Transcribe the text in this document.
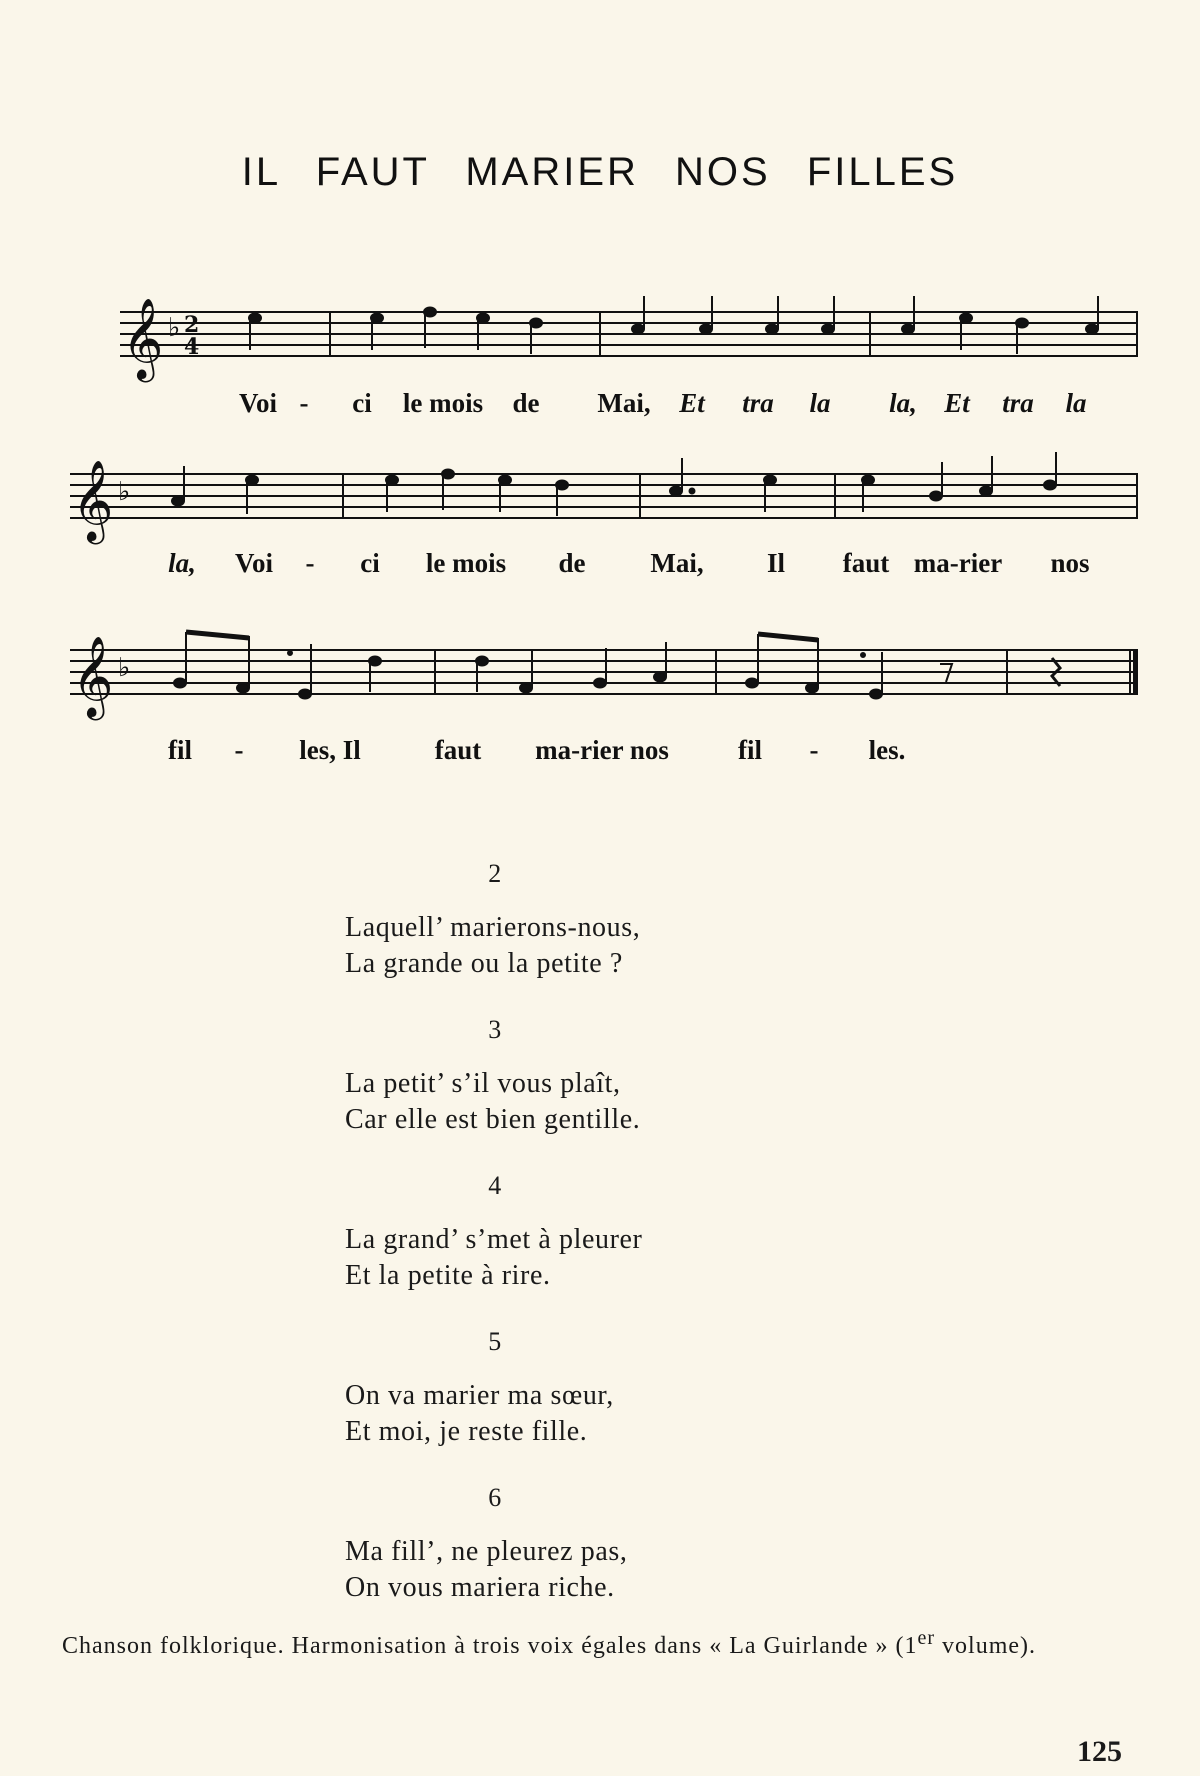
IL FAUT MARIER NOS FILLES
𝄞 ♭ 2
4
Voi - ci le mois de Mai, Et tra la la, Et tra la
𝄞 ♭
la, Voi - ci le mois de Mai, Il faut ma-rier nos
𝄞 ♭
fil - les, Il	faut ma-rier nos	fil - les.
2
Laquell’ marierons-nous,
La grande ou la petite ?
3
La petit’ s’il vous plaît,
Car elle est bien gentille.
4
La grand’ s’met à pleurer
Et la petite à rire.
5
On va marier ma sœur,
Et moi, je reste fille.
6
Ma fill’, ne pleurez pas,
On vous mariera riche.
Chanson folklorique. Harmonisation à trois voix égales dans « La Guirlande » (1er volume).
125
